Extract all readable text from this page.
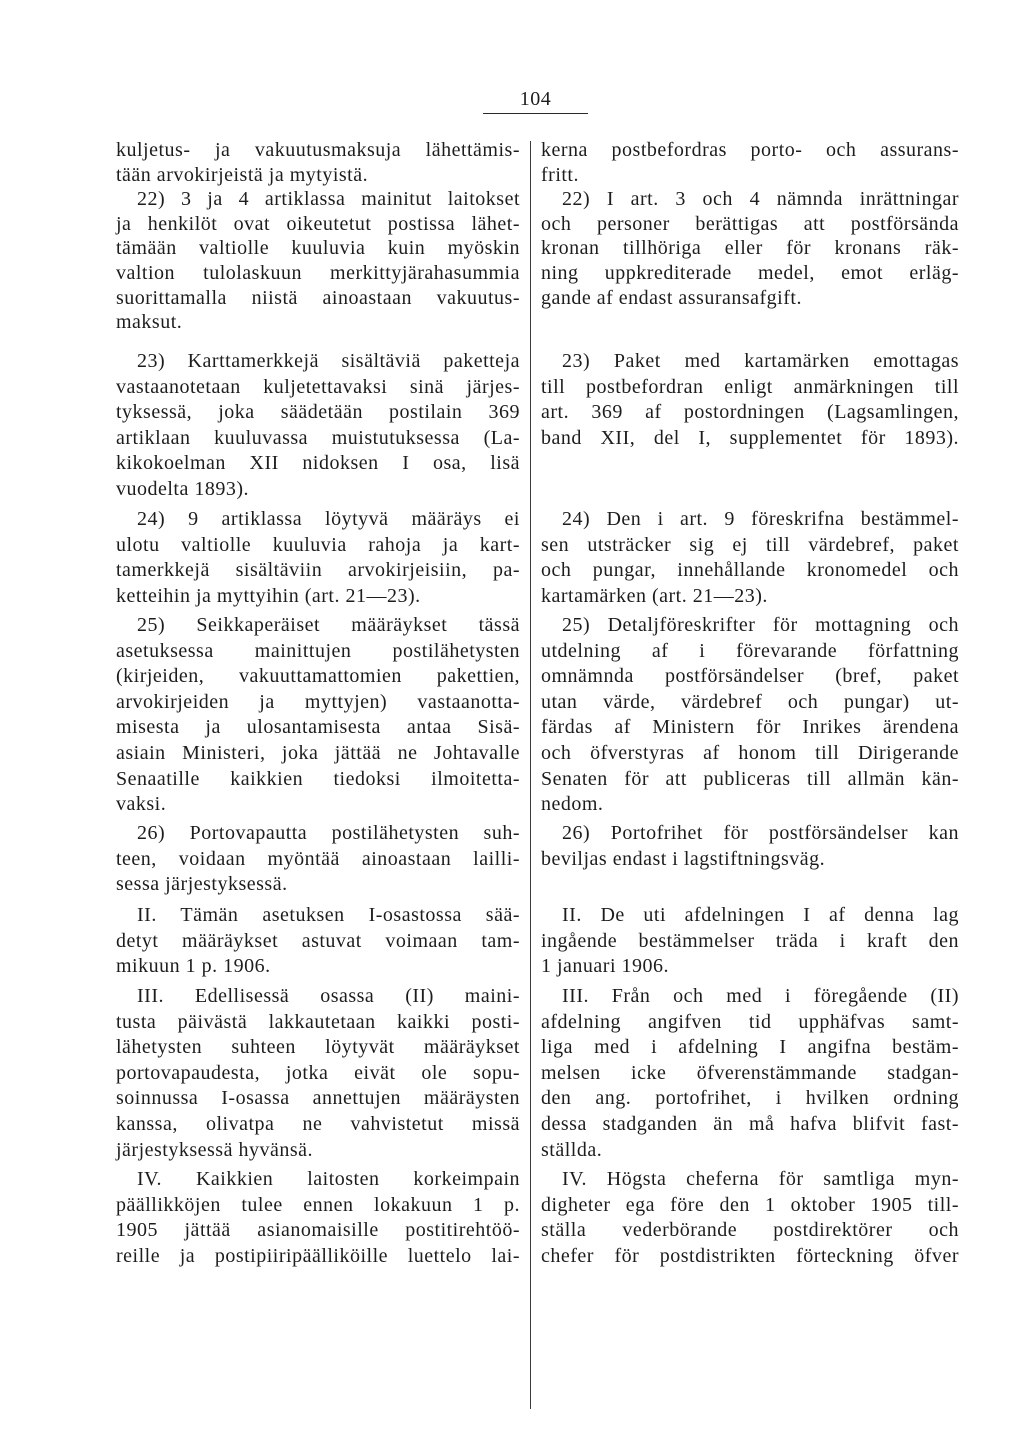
104
kuljetus- ja vakuutusmaksuja lähettämis-
tään arvokirjeistä ja mytyistä.
22) 3 ja 4 artiklassa mainitut laitokset
ja henkilöt ovat oikeutetut postissa lähet-
tämään valtiolle kuuluvia kuin myöskin
valtion tulolaskuun merkittyjärahasummia
suorittamalla niistä ainoastaan vakuutus-
maksut.
kerna postbefordras porto- och assurans-
fritt.
22) I art. 3 och 4 nämnda inrättningar
och personer berättigas att postförsända
kronan tillhöriga eller för kronans räk-
ning uppkrediterade medel, emot erläg-
gande af endast assuransafgift.
23) Karttamerkkejä sisältäviä paketteja
vastaanotetaan kuljetettavaksi sinä järjes-
tyksessä, joka säädetään postilain 369
artiklaan kuuluvassa muistutuksessa (La-
kikokoelman XII nidoksen I osa, lisä
vuodelta 1893).
23) Paket med kartamärken emottagas
till postbefordran enligt anmärkningen till
art. 369 af postordningen (Lagsamlingen,
band XII, del I, supplementet för 1893).
24) 9 artiklassa löytyvä määräys ei
ulotu valtiolle kuuluvia rahoja ja kart-
tamerkkejä sisältäviin arvokirjeisiin, pa-
ketteihin ja myttyihin (art. 21—23).
24) Den i art. 9 föreskrifna bestämmel-
sen utsträcker sig ej till värdebref, paket
och pungar, innehållande kronomedel och
kartamärken (art. 21—23).
25) Seikkaperäiset määräykset tässä
asetuksessa mainittujen postilähetysten
(kirjeiden, vakuuttamattomien pakettien,
arvokirjeiden ja myttyjen) vastaanotta-
misesta ja ulosantamisesta antaa Sisä-
asiain Ministeri, joka jättää ne Johtavalle
Senaatille kaikkien tiedoksi ilmoitetta-
vaksi.
25) Detaljföreskrifter för mottagning och
utdelning af i förevarande författning
omnämnda postförsändelser (bref, paket
utan värde, värdebref och pungar) ut-
färdas af Ministern för Inrikes ärendena
och öfverstyras af honom till Dirigerande
Senaten för att publiceras till allmän kän-
nedom.
26) Portovapautta postilähetysten suh-
teen, voidaan myöntää ainoastaan lailli-
sessa järjestyksessä.
26) Portofrihet för postförsändelser kan
beviljas endast i lagstiftningsväg.
II. Tämän asetuksen I-osastossa sää-
detyt määräykset astuvat voimaan tam-
mikuun 1 p. 1906.
II. De uti afdelningen I af denna lag
ingående bestämmelser träda i kraft den
1 januari 1906.
III. Edellisessä osassa (II) maini-
tusta päivästä lakkautetaan kaikki posti-
lähetysten suhteen löytyvät määräykset
portovapaudesta, jotka eivät ole sopu-
soinnussa I-osassa annettujen määräysten
kanssa, olivatpa ne vahvistetut missä
järjestyksessä hyvänsä.
III. Från och med i föregående (II)
afdelning angifven tid upphäfvas samt-
liga med i afdelning I angifna bestäm-
melsen icke öfverenstämmande stadgan-
den ang. portofrihet, i hvilken ordning
dessa stadganden än må hafva blifvit fast-
ställda.
IV. Kaikkien laitosten korkeimpain
päällikköjen tulee ennen lokakuun 1 p.
1905 jättää asianomaisille postitirehtöö-
reille ja postipiiripäälliköille luettelo lai-
IV. Högsta cheferna för samtliga myn-
digheter ega före den 1 oktober 1905 till-
ställa vederbörande postdirektörer och
chefer för postdistrikten förteckning öfver
